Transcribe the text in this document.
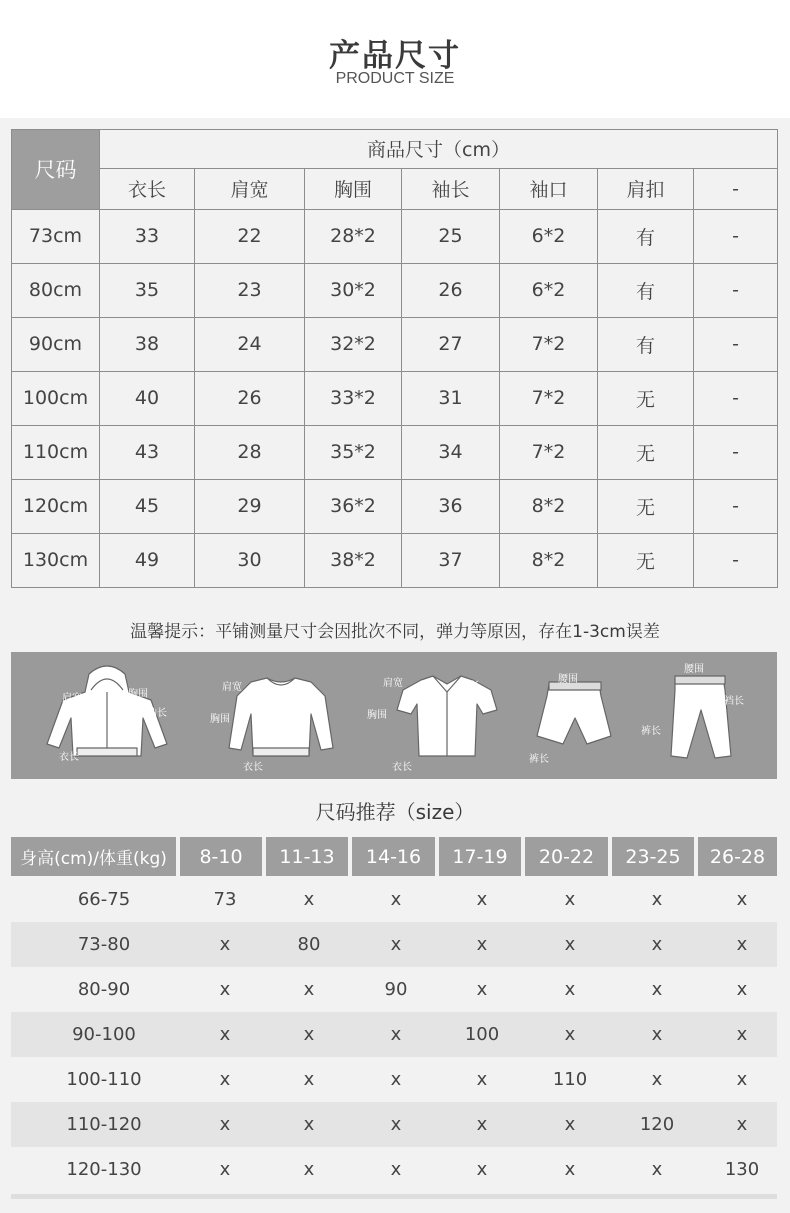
产品尺寸
PRODUCT SIZE
尺码	商品尺寸（cm）						
	衣长	肩宽	胸围	袖长	袖口	肩扣	-
73cm	33	22	28*2	25	6*2	有	-
80cm	35	23	30*2	26	6*2	有	-
90cm	38	24	32*2	27	7*2	有	-
100cm	40	26	33*2	31	7*2	无	-
110cm	43	28	35*2	34	7*2	无	-
120cm	45	29	36*2	36	8*2	无	-
130cm	49	30	38*2	37	8*2	无	-
温馨提示：平铺测量尺寸会因批次不同，弹力等原因，存在1-3cm误差
肩宽	胸围
袖长
衣长
肩宽
袖长
胸围
衣长
肩宽	袖长
胸围
衣长
腰围
裤长
腰围
裆长
裤长
尺码推荐（size）
身高(cm)/体重(kg)	8-10	11-13	14-16	17-19	20-22	23-25	26-28
66-75	73	x	x	x	x	x	x
73-80	x	80	x	x	x	x	x
80-90	x	x	90	x	x	x	x
90-100	x	x	x	100	x	x	x
100-110	x	x	x	x	110	x	x
110-120	x	x	x	x	x	120	x
120-130	x	x	x	x	x	x	130
